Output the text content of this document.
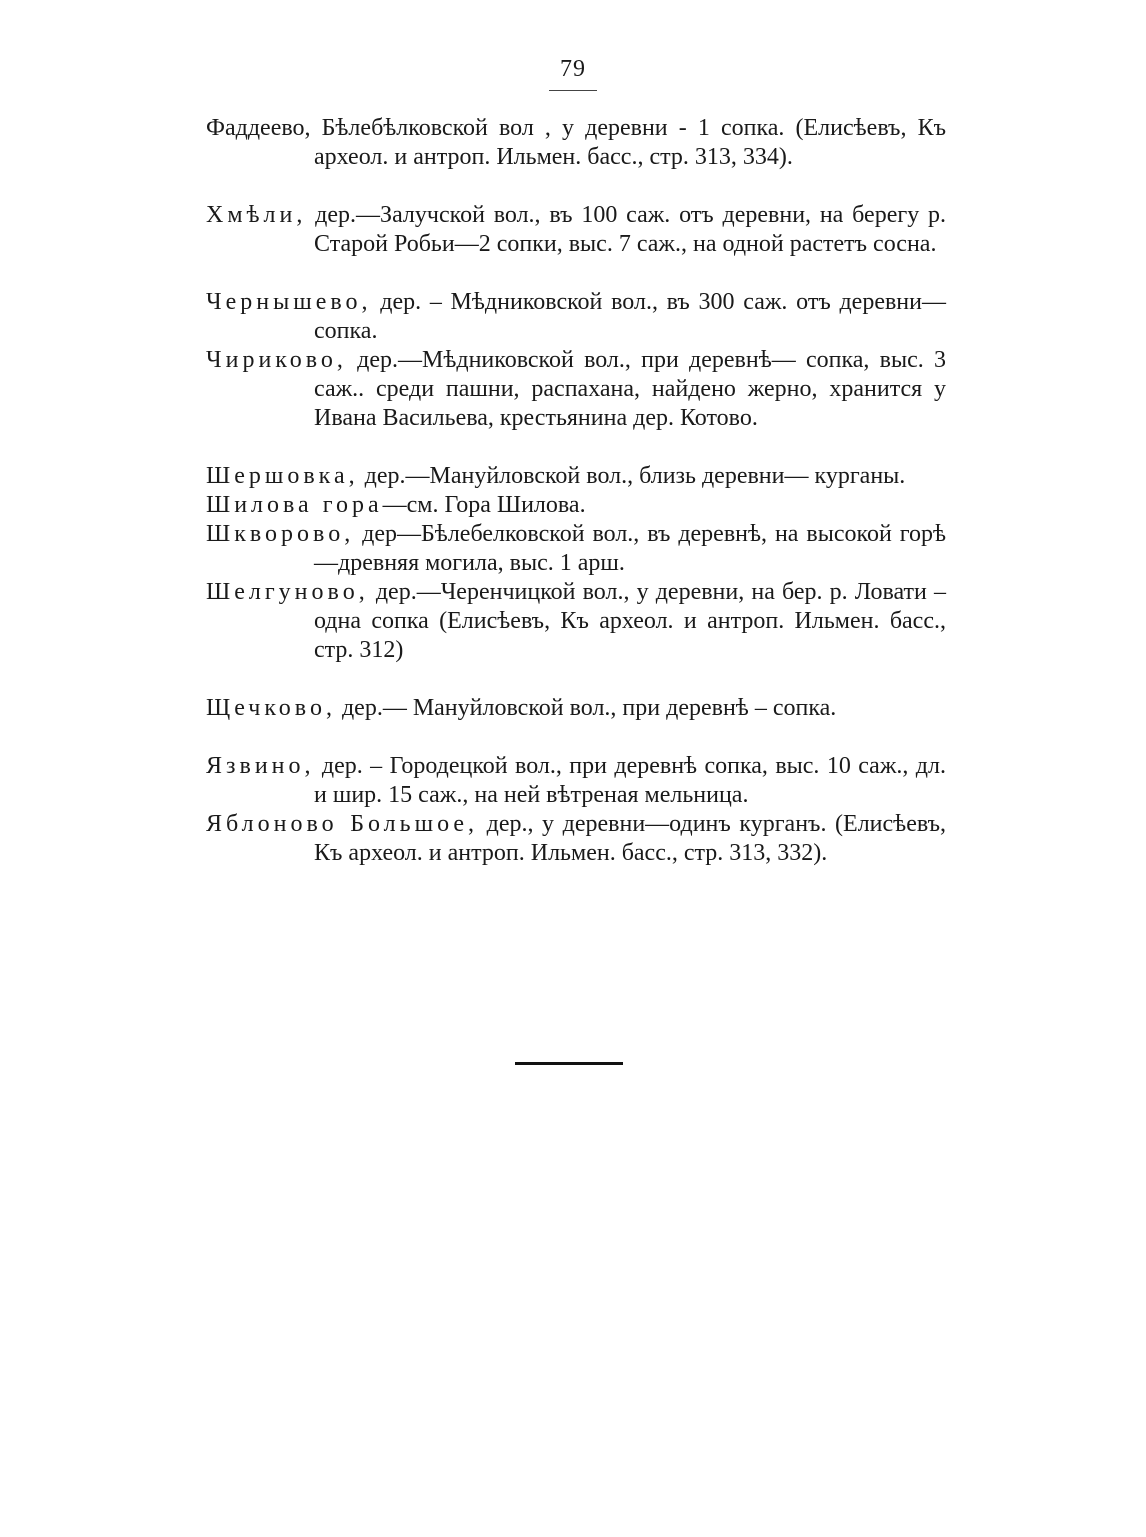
79

Фаддеево, Бѣлебѣлковской вол , у деревни - 1 сопка. (Елисѣевъ, Къ археол. и антроп. Ильмен. басс., стр. 313, 334).

Хмѣли, дер.—Залучской вол., въ 100 саж. отъ деревни, на берегу р. Старой Робьи—2 сопки, выс. 7 саж., на одной растетъ сосна.

Чернышево, дер. – Мѣдниковской вол., въ 300 саж. отъ деревни—сопка.

Чириково, дер.—Мѣдниковской вол., при деревнѣ— сопка, выс. 3 саж.. среди пашни, распахана, найдено жерно, хранится у Ивана Васильева, крестьянина дер. Котово.

Шершовка, дер.—Мануйловской вол., близь деревни— курганы.

Шилова гора—см. Гора Шилова.

Шкворово, дер—Бѣлебелковской вол., въ деревнѣ, на высокой горѣ—древняя могила, выс. 1 арш.

Шелгуново, дер.—Черенчицкой вол., у деревни, на бер. р. Ловати – одна сопка (Елисѣевъ, Къ археол. и антроп. Ильмен. басс., стр. 312)

Щечково, дер.— Мануйловской вол., при деревнѣ – сопка.

Язвино, дер. – Городецкой вол., при деревнѣ сопка, выс. 10 саж., дл. и шир. 15 саж., на ней вѣтреная мельница.

Яблоново Большое, дер., у деревни—одинъ курганъ. (Елисѣевъ, Къ археол. и антроп. Ильмен. басс., стр. 313, 332).
